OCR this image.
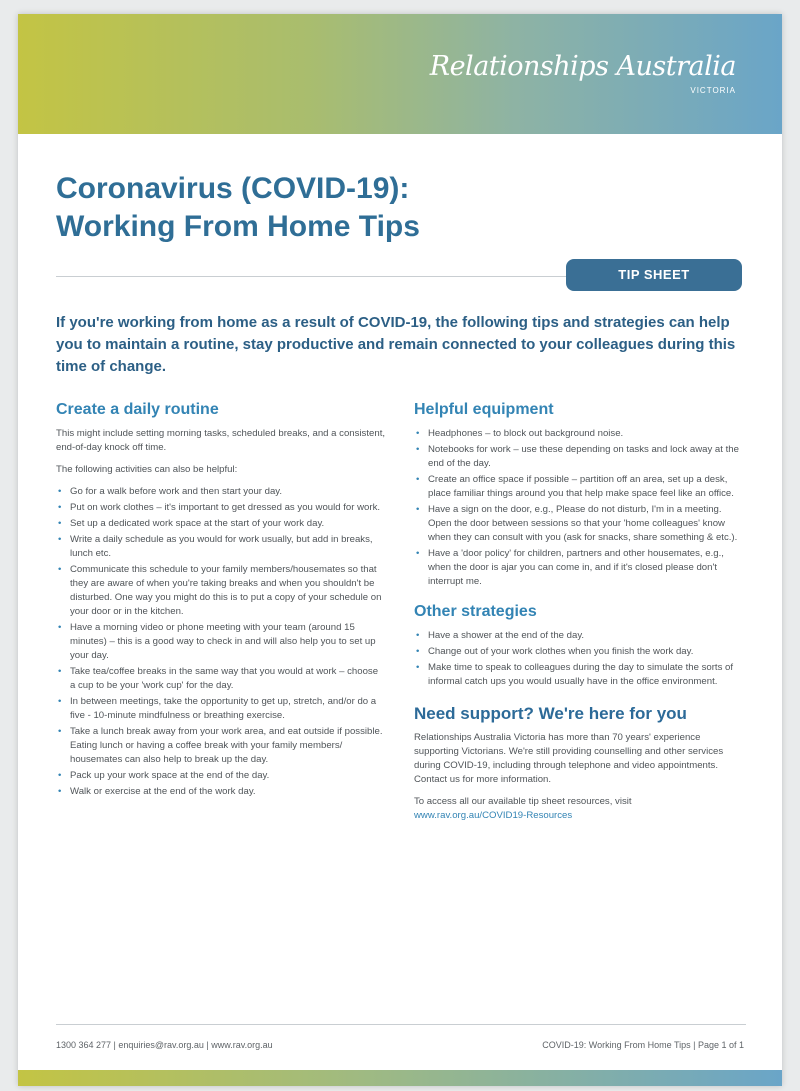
Relationships Australia
VICTORIA
Coronavirus (COVID-19):
Working From Home Tips
TIP SHEET

If you're working from home as a result of COVID-19, the following tips and strategies can help you to maintain a routine, stay productive and remain connected to your colleagues during this time of change.

Create a daily routine

This might include setting morning tasks, scheduled breaks, and a consistent, end-of-day knock off time.

The following activities can also be helpful:

• Go for a walk before work and then start your day.
• Put on work clothes – it's important to get dressed as you would for work.
• Set up a dedicated work space at the start of your work day.
• Write a daily schedule as you would for work usually, but add in breaks, lunch etc.
• Communicate this schedule to your family members/housemates so that they are aware of when you're taking breaks and when you shouldn't be disturbed. One way you might do this is to put a copy of your schedule on your door or in the kitchen.
• Have a morning video or phone meeting with your team (around 15 minutes) – this is a good way to check in and will also help you to set up your day.
• Take tea/coffee breaks in the same way that you would at work – choose a cup to be your 'work cup' for the day.
• In between meetings, take the opportunity to get up, stretch, and/or do a five - 10-minute mindfulness or breathing exercise.
• Take a lunch break away from your work area, and eat outside if possible. Eating lunch or having a coffee break with your family members/ housemates can also help to break up the day.
• Pack up your work space at the end of the day.
• Walk or exercise at the end of the work day.
Helpful equipment
• Headphones – to block out background noise.
• Notebooks for work – use these depending on tasks and lock away at the end of the day.
• Create an office space if possible – partition off an area, set up a desk, place familiar things around you that help make space feel like an office.
• Have a sign on the door, e.g., Please do not disturb, I'm in a meeting. Open the door between sessions so that your 'home colleagues' know when they can consult with you (ask for snacks, share something & etc.).
• Have a 'door policy' for children, partners and other housemates, e.g., when the door is ajar you can come in, and if it's closed please don't interrupt me.
Other strategies
• Have a shower at the end of the day.
• Change out of your work clothes when you finish the work day.
• Make time to speak to colleagues during the day to simulate the sorts of informal catch ups you would usually have in the office environment.
Need support? We're here for you

Relationships Australia Victoria has more than 70 years' experience supporting Victorians. We're still providing counselling and other services during COVID-19, including through telephone and video appointments. Contact us for more information.

To access all our available tip sheet resources, visit
www.rav.org.au/COVID19-Resources

1300 364 277 | enquiries@rav.org.au | www.rav.org.au	COVID-19: Working From Home Tips | Page 1 of 1
